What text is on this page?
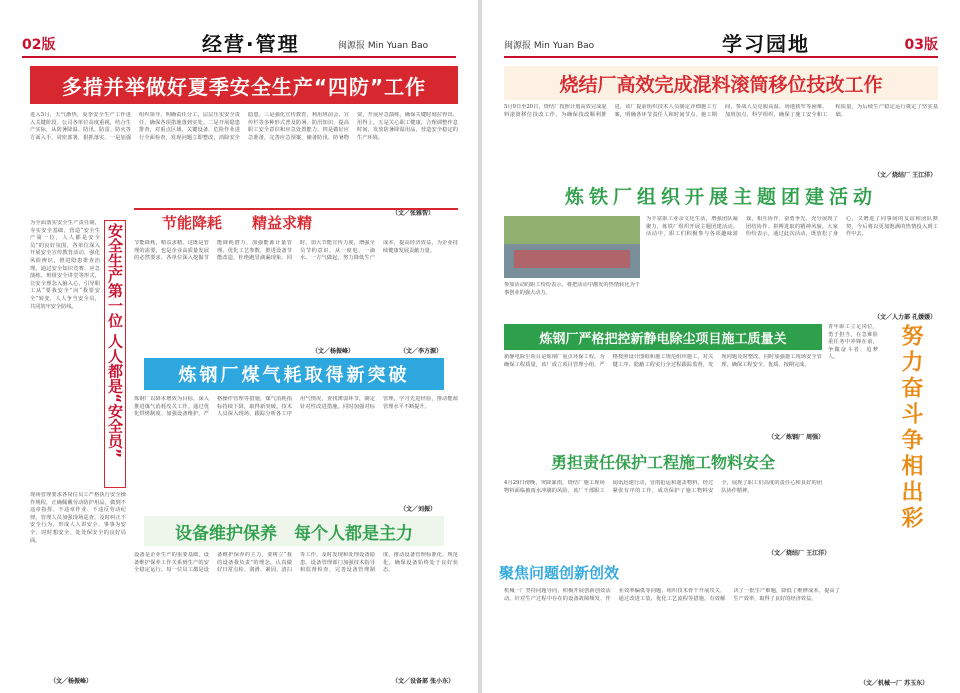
02版	经营·管理	闽源报 Min Yuan Bao
多措并举做好夏季安全生产“四防”工作
进入5月，天气渐热，夏季安全生产工作进入关键阶段。公司各单位高度重视，结合生产实际，从防暑降温、防汛、防雷、防火等方面入手，周密部署，狠抓落实。一是加强组织领导，明确责任分工，层层压实安全责任，确保各项措施落到实处。二是开展隐患排查，对重点区域、关键设备、危险作业进行全面检查，发现问题立即整改，消除安全隐患。三是强化宣传教育，利用班前会、宣传栏等多种形式普及防暑、防汛知识，提高职工安全意识和应急处置能力。四是做好应急准备，完善应急预案，储备防汛、防暑物资，开展应急演练，确保关键时刻拉得出、用得上。五是关心职工健康，合理调整作息时间，发放防暑降温用品，营造安全稳定的生产环境。
（文／张雅智）
为全面落实安全生产责任制，夯实安全基础，营造“安全生产第一位，人人都是安全员”的良好氛围，各单位深入开展安全宣传教育活动，强化风险辨识，推进隐患排查治理。通过安全知识竞赛、应急演练、班组安全讲堂等形式，让安全理念入脑入心，引导职工从“要我安全”向“我要安全”转变，人人争当安全员，共同筑牢安全防线。	安全生产第一位 人人都是“安全员”
现场管理要求各岗位员工严格执行安全操作规程，正确佩戴劳动防护用品，做到不违章指挥、不违章作业、不违反劳动纪律。管理人员加强现场巡查，及时纠正不安全行为，形成人人讲安全、事事为安全、时时想安全、处处保安全的良好局面。
（文／杨振峰）
节能降耗 精益求精
节能降耗，精益求精。这既是管理的需要，也是企业高质量发展的必然要求。各单位深入挖掘节能降耗潜力，加强能源计量管理，优化工艺参数，推进设备节能改造，杜绝跑冒滴漏现象。同时，加大节能宣传力度，增强全员节约意识，从一度电、一滴水、一方气做起，努力降低生产成本，提高经济效益，为企业持续健康发展贡献力量。
（文／杨振峰）	（文／李方源）
炼钢厂煤气耗取得新突破
炼钢厂以降本增效为目标，深入推进煤气消耗攻关工作。通过优化烘烤制度、加强设备维护、严格操作管理等措施，煤气消耗指标持续下降，取得新突破。技术人员深入现场，跟踪分析各工序用气情况，查找薄弱环节，制定针对性改进措施。同时加强对标管理，学习先进经验，推动能源管理水平不断提升。
（文／刘振）
设备维护保养　每个人都是主力
设备是企业生产的重要基础，设备维护保养工作关系到生产的安全稳定运行。每一位员工都是设备维护保养的主力，要树立“我的设备我负责”的理念，认真做好日常点检、润滑、紧固、清扫等工作，及时发现和处理设备隐患。设备管理部门加强技术指导和监督检查，完善设备管理制度，推动设备管理标准化、规范化，确保设备始终处于良好状态。
（文／设备部 张小东）
闽源报 Min Yuan Bao	学习园地	03版
烧结厂高效完成混料滚筒移位技改工作
5月9日至20日，烧结厂按照计划高效完成混料滚筒移位技改工作。为确保技改顺利推进，该厂提前组织技术人员制定详细施工方案，明确各环节责任人和时间节点。施工期间，参战人员克服高温、场地狭窄等困难，加班加点，科学组织，确保了施工安全和工程质量，为后续生产稳定运行奠定了坚实基础。
（文／烧结厂 王江洋）
炼铁厂组织开展主题团建活动
为丰富职工业余文化生活，增强团队凝聚力，炼铁厂组织开展主题团建活动。活动中，职工们积极参与各项趣味游戏，相互协作、奋勇争先，充分展现了团结协作、拼搏进取的精神风貌。大家纷纷表示，通过此次活动，既放松了身心，又增进了同事间的友谊和团队默契，今后将以更加饱满的热情投入到工作中去。
参加活动的职工纷纷表示，将把活动中激发的热情转化为干事创业的强大动力。
（文／人力部 孔媛媛）
炼钢厂严格把控新静电除尘项目施工质量关
新静电除尘项目是炼钢厂重点环保工程。为确保工程质量，该厂成立项目管理小组，严格按照设计图纸和施工规范组织施工，对关键工序、隐蔽工程实行全过程跟踪监督，发现问题及时整改。同时加强施工现场安全管理，确保工程安全、优质、按期完成。
（文／炼钢厂 周强）
青年职工立足岗位，勇于担当，在急难险重任务中冲锋在前，争做奋斗者、追梦人。	努力奋斗争相出彩
勇担责任保护工程施工物料安全
4月29日傍晚，突降暴雨，烧结厂施工现场物料面临被雨水冲刷的风险。该厂干部职工闻讯迅速行动，冒雨抢运和遮盖物料，经过紧张有序的工作，成功保护了施工物料安全，展现了职工们高度的责任心和良好的团队协作精神。
（文／烧结厂 王江洋）
聚焦问题创新创效
机械一厂坚持问题导向，积极开展创新创效活动。针对生产过程中存在的设备故障频发、作业效率偏低等问题，组织技术骨干开展攻关，通过改进工装、优化工艺流程等措施，有效解决了一批生产难题，降低了维修成本，提高了生产效率，取得了良好的经济效益。
（文／机械一厂 苏玉东）
